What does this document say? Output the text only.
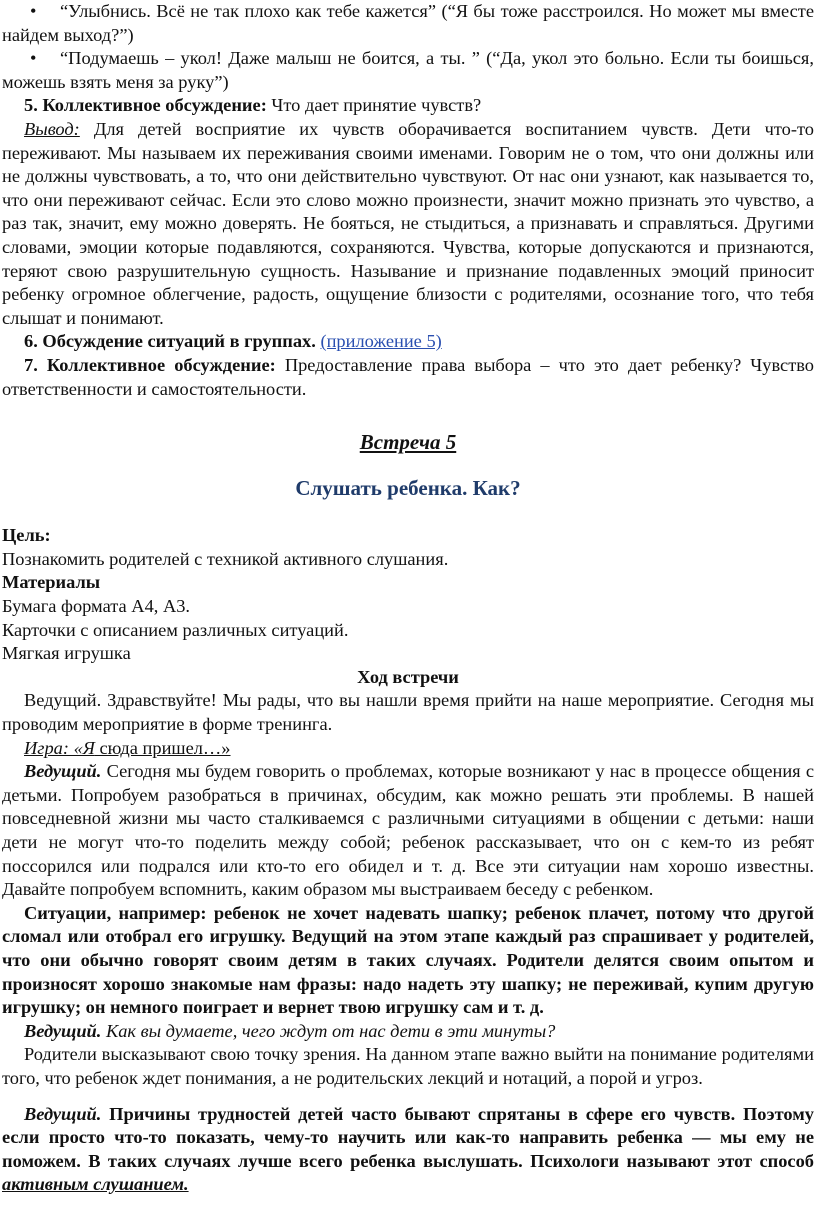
•	“Улыбнись. Всё не так плохо как тебе кажется” (“Я бы тоже расстроился. Но может мы вместе найдем выход?”)

•	“Подумаешь – укол! Даже малыш не боится, а ты. ” (“Да, укол это больно. Если ты боишься, можешь взять меня за руку”)

5. Коллективное обсуждение: Что дает принятие чувств?

Вывод: Для детей восприятие их чувств оборачивается воспитанием чувств. Дети что-то переживают. Мы называем их переживания своими именами. Говорим не о том, что они должны или не должны чувствовать, а то, что они действительно чувствуют. От нас они узнают, как называется то, что они переживают сейчас. Если это слово можно произнести, значит можно признать это чувство, а раз так, значит, ему можно доверять. Не бояться, не стыдиться, а признавать и справляться. Другими словами, эмоции которые подавляются, сохраняются. Чувства, которые допускаются и признаются, теряют свою разрушительную сущность. Называние и признание подавленных эмоций приносит ребенку огромное облегчение, радость, ощущение близости с родителями, осознание того, что тебя слышат и понимают.

6. Обсуждение ситуаций в группах. (приложение 5)

7. Коллективное обсуждение: Предоставление права выбора – что это дает ребенку? Чувство ответственности и самостоятельности.

Встреча 5

Слушать ребенка. Как?

Цель:

Познакомить родителей с техникой активного слушания.

Материалы

Бумага формата А4, А3.

Карточки с описанием различных ситуаций.

Мягкая игрушка

Ход встречи

Ведущий. Здравствуйте! Мы рады, что вы нашли время прийти на наше мероприятие. Сегодня мы проводим мероприятие в форме тренинга.

Игра: «Я сюда пришел…»

Ведущий. Сегодня мы будем говорить о проблемах, которые возникают у нас в процессе общения с детьми. Попробуем разобраться в причинах, обсудим, как можно решать эти проблемы. В нашей повседневной жизни мы часто сталкиваемся с различными ситуациями в общении с детьми: наши дети не могут что-то поделить между собой; ребенок рассказывает, что он с кем-то из ребят поссорился или подрался или кто-то его обидел и т. д. Все эти ситуации нам хорошо известны. Давайте попробуем вспомнить, каким образом мы выстраиваем беседу с ребенком.

Ситуации, например: ребенок не хочет надевать шапку; ребенок плачет, потому что другой сломал или отобрал его игрушку. Ведущий на этом этапе каждый раз спрашивает у родителей, что они обычно говорят своим детям в таких случаях. Родители делятся своим опытом и произносят хорошо знакомые нам фразы: надо надеть эту шапку; не переживай, купим другую игрушку; он немного поиграет и вернет твою игрушку сам и т. д.

Ведущий. Как вы думаете, чего ждут от нас дети в эти минуты?

Родители высказывают свою точку зрения. На данном этапе важно выйти на понимание родителями того, что ребенок ждет понимания, а не родительских лекций и нотаций, а порой и угроз.

Ведущий. Причины трудностей детей часто бывают спрятаны в сфере его чувств. Поэтому если просто что-то показать, чему-то научить или как-то направить ребенка — мы ему не поможем. В таких случаях лучше всего ребенка выслушать. Психологи называют этот способ активным слушанием.
